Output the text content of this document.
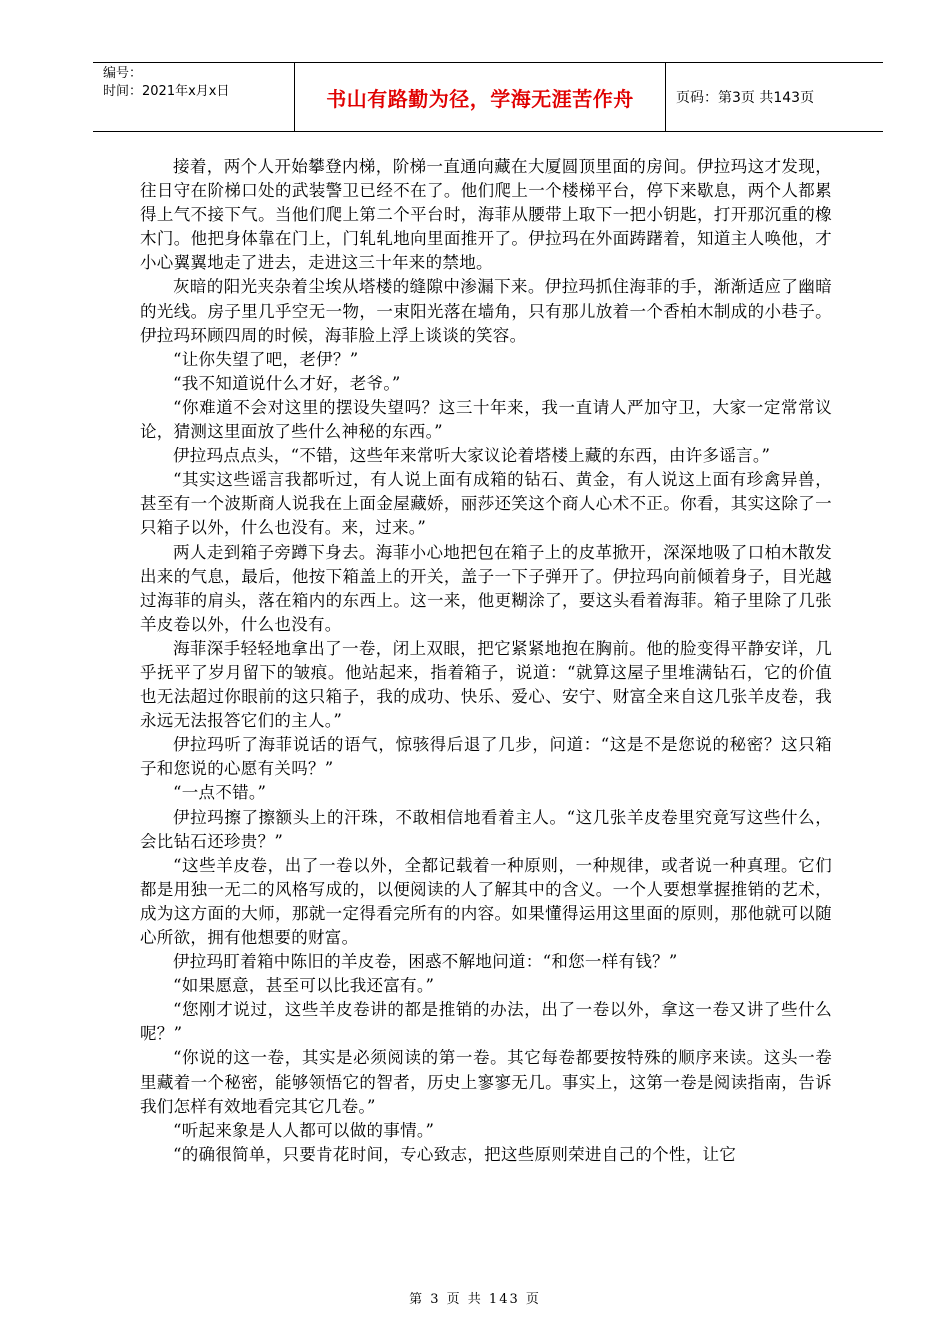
编号：
时间：2021年x月x日	书山有路勤为径，学海无涯苦作舟	页码：第3页 共143页

接着，两个人开始攀登内梯，阶梯一直通向藏在大厦圆顶里面的房间。伊拉玛这才发现，往日守在阶梯口处的武装警卫已经不在了。他们爬上一个楼梯平台，停下来歇息，两个人都累得上气不接下气。当他们爬上第二个平台时，海菲从腰带上取下一把小钥匙，打开那沉重的橡木门。他把身体靠在门上，门轧轧地向里面推开了。伊拉玛在外面踌躇着，知道主人唤他，才小心翼翼地走了进去，走进这三十年来的禁地。

灰暗的阳光夹杂着尘埃从塔楼的缝隙中渗漏下来。伊拉玛抓住海菲的手，渐渐适应了幽暗的光线。房子里几乎空无一物，一束阳光落在墙角，只有那儿放着一个香柏木制成的小巷子。伊拉玛环顾四周的时候，海菲脸上浮上谈谈的笑容。

“让你失望了吧，老伊？”

“我不知道说什么才好，老爷。”

“你难道不会对这里的摆设失望吗？这三十年来，我一直请人严加守卫，大家一定常常议论，猜测这里面放了些什么神秘的东西。”

伊拉玛点点头，“不错，这些年来常听大家议论着塔楼上藏的东西，由许多谣言。”

“其实这些谣言我都听过，有人说上面有成箱的钻石、黄金，有人说这上面有珍禽异兽，甚至有一个波斯商人说我在上面金屋藏娇，丽莎还笑这个商人心术不正。你看，其实这除了一只箱子以外，什么也没有。来，过来。”

两人走到箱子旁蹲下身去。海菲小心地把包在箱子上的皮革掀开，深深地吸了口柏木散发出来的气息，最后，他按下箱盖上的开关，盖子一下子弹开了。伊拉玛向前倾着身子，目光越过海菲的肩头，落在箱内的东西上。这一来，他更糊涂了，要这头看着海菲。箱子里除了几张羊皮卷以外，什么也没有。

海菲深手轻轻地拿出了一卷，闭上双眼，把它紧紧地抱在胸前。他的脸变得平静安详，几乎抚平了岁月留下的皱痕。他站起来，指着箱子，说道：“就算这屋子里堆满钻石，它的价值也无法超过你眼前的这只箱子，我的成功、快乐、爱心、安宁、财富全来自这几张羊皮卷，我永远无法报答它们的主人。”

伊拉玛听了海菲说话的语气，惊骇得后退了几步，问道：“这是不是您说的秘密？这只箱子和您说的心愿有关吗？”

“一点不错。”

伊拉玛擦了擦额头上的汗珠，不敢相信地看着主人。“这几张羊皮卷里究竟写这些什么，会比钻石还珍贵？”

“这些羊皮卷，出了一卷以外，全都记载着一种原则，一种规律，或者说一种真理。它们都是用独一无二的风格写成的，以便阅读的人了解其中的含义。一个人要想掌握推销的艺术，成为这方面的大师，那就一定得看完所有的内容。如果懂得运用这里面的原则，那他就可以随心所欲，拥有他想要的财富。

伊拉玛盯着箱中陈旧的羊皮卷，困惑不解地问道：“和您一样有钱？”

“如果愿意，甚至可以比我还富有。”

“您刚才说过，这些羊皮卷讲的都是推销的办法，出了一卷以外，拿这一卷又讲了些什么呢？”

“你说的这一卷，其实是必须阅读的第一卷。其它每卷都要按特殊的顺序来读。这头一卷里藏着一个秘密，能够领悟它的智者，历史上寥寥无几。事实上，这第一卷是阅读指南，告诉我们怎样有效地看完其它几卷。”

“听起来象是人人都可以做的事情。”

“的确很简单，只要肯花时间，专心致志，把这些原则荣进自己的个性，让它

第 3 页 共 143 页
